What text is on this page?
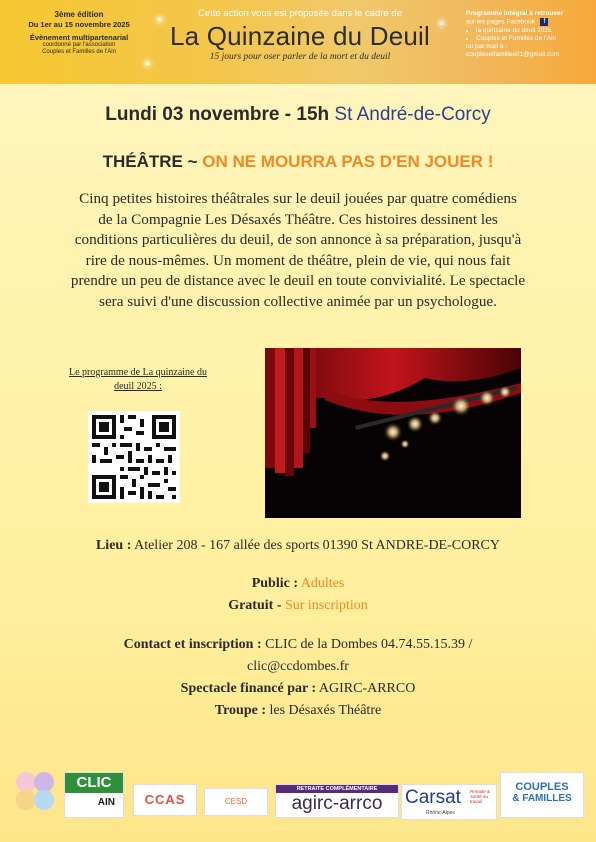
3ème édition
Du 1er au 15 novembre 2025
Évènement multipartenarial
coordonné par l'association
Couples et Familles de l'Ain
Cette action vous est proposée dans le cadre de
La Quinzaine du Deuil
15 jours pour oser parler de la mort et du deuil
Programme intégral à retrouver
sur les pages Facebook : f
• la quinzaine du deuil 2025
• Couples et Familles de l'Ain
ou par mail à :
couplesetfamilles01@gmail.com
Lundi 03 novembre - 15h St André-de-Corcy
THÉÂTRE ~ ON NE MOURRA PAS D'EN JOUER !
Cinq petites histoires théâtrales sur le deuil jouées par quatre comédiens
de la Compagnie Les Désaxés Théâtre. Ces histoires dessinent les
conditions particulières du deuil, de son annonce à sa préparation, jusqu'à
rire de nous-mêmes. Un moment de théâtre, plein de vie, qui nous fait
prendre un peu de distance avec le deuil en toute convivialité. Le spectacle
sera suivi d'une discussion collective animée par un psychologue.
Le programme de La quinzaine du
deuil 2025 :
Lieu : Atelier 208 - 167 allée des sports 01390 St ANDRE-DE-CORCY
Public : Adultes
Gratuit - Sur inscription
Contact et inscription : CLIC de la Dombes 04.74.55.15.39 /
clic@ccdombes.fr
Spectacle financé par : AGIRC-ARRCO
Troupe : les Désaxés Théâtre
CLIC
AIN	CCAS	CESD
RETRAITE COMPLÉMENTAIRE
agirc-arrco	Carsat Retraite & Santé au travail
Rhône-Alpes
COUPLES
& FAMILLES
